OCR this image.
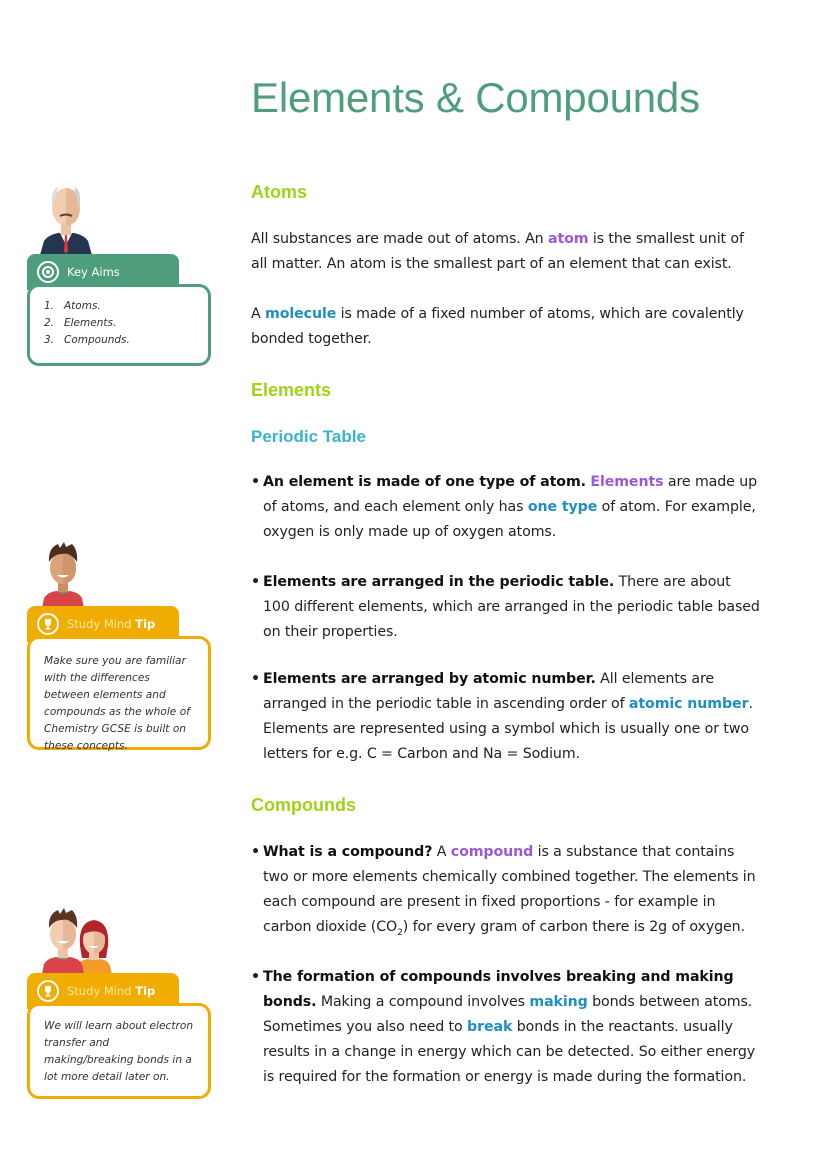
Elements & Compounds
Key Aims
1. Atoms.
2. Elements.
3. Compounds.
Study Mind Tip
Make sure you are familiar with the differences between elements and compounds as the whole of Chemistry GCSE is built on these concepts.
Study Mind Tip
We will learn about electron transfer and making/breaking bonds in a lot more detail later on.
Atoms

All substances are made out of atoms. An atom is the smallest unit of all matter. An atom is the smallest part of an element that can exist.

A molecule is made of a fixed number of atoms, which are covalently bonded together.

Elements
Periodic Table
• An element is made of one type of atom. Elements are made up of atoms, and each element only has one type of atom. For example, oxygen is only made up of oxygen atoms.
• Elements are arranged in the periodic table. There are about 100 different elements, which are arranged in the periodic table based on their properties.
• Elements are arranged by atomic number. All elements are arranged in the periodic table in ascending order of atomic number. Elements are represented using a symbol which is usually one or two letters for e.g. C = Carbon and Na = Sodium.
Compounds
• What is a compound? A compound is a substance that contains two or more elements chemically combined together. The elements in each compound are present in fixed proportions - for example in carbon dioxide $(CO_2)$ for every gram of carbon there is 2g of oxygen.
• The formation of compounds involves breaking and making bonds. Making a compound involves making bonds between atoms. Sometimes you also need to break bonds in the reactants. usually results in a change in energy which can be detected. So either energy is required for the formation or energy is made during the formation.
